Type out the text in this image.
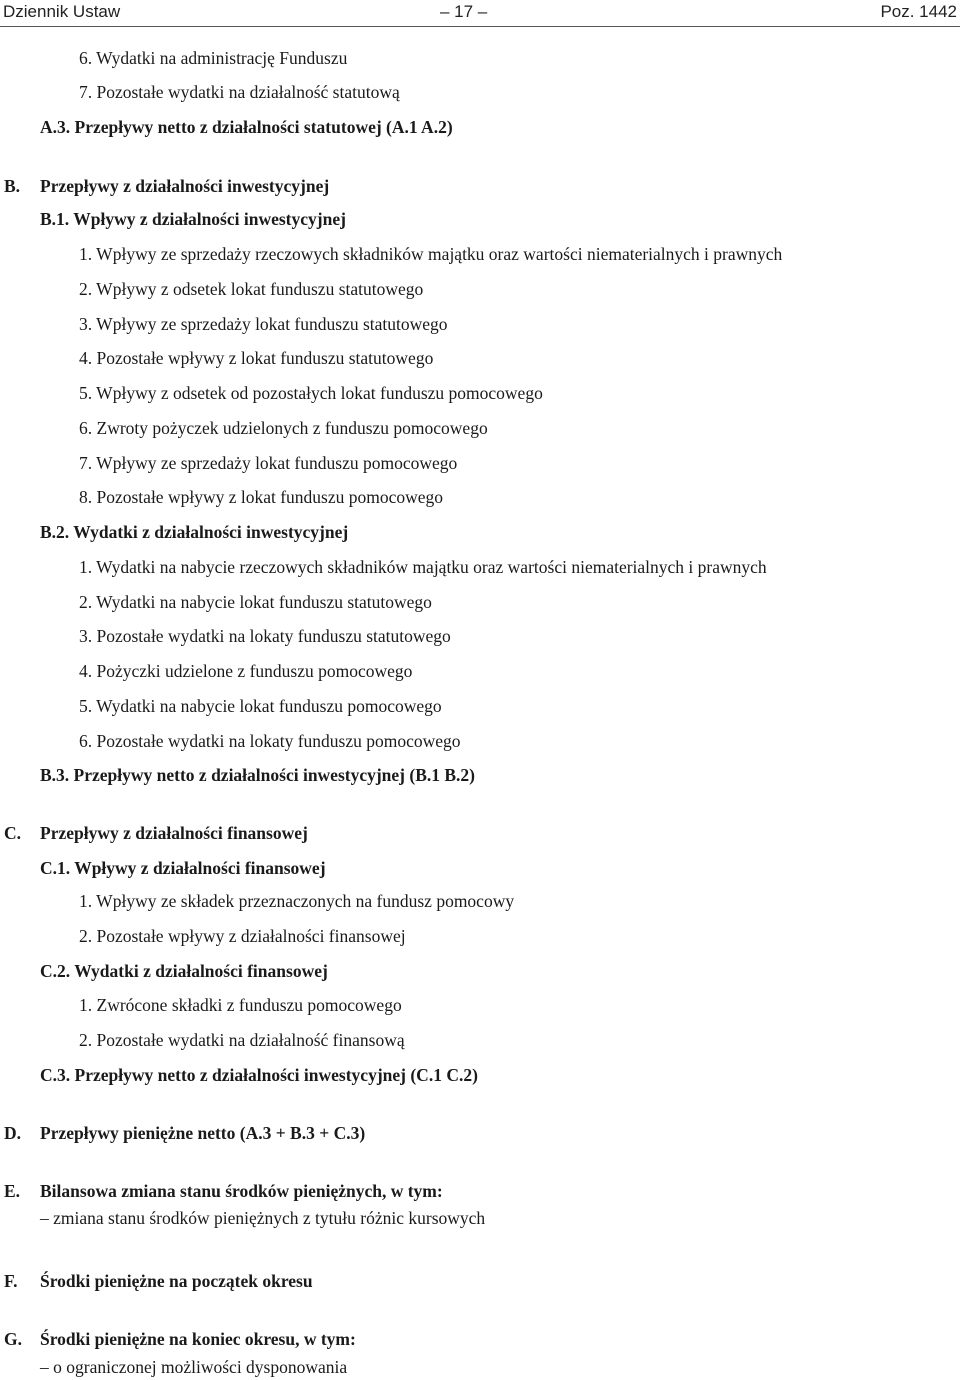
Dziennik Ustaw	– 17 –	Poz. 1442
6. Wydatki na administrację Funduszu
7. Pozostałe wydatki na działalność statutową
A.3. Przepływy netto z działalności statutowej (A.1 A.2)
B. Przepływy z działalności inwestycyjnej
B.1. Wpływy z działalności inwestycyjnej
1. Wpływy ze sprzedaży rzeczowych składników majątku oraz wartości niematerialnych i prawnych
2. Wpływy z odsetek lokat funduszu statutowego
3. Wpływy ze sprzedaży lokat funduszu statutowego
4. Pozostałe wpływy z lokat funduszu statutowego
5. Wpływy z odsetek od pozostałych lokat funduszu pomocowego
6. Zwroty pożyczek udzielonych z funduszu pomocowego
7. Wpływy ze sprzedaży lokat funduszu pomocowego
8. Pozostałe wpływy z lokat funduszu pomocowego
B.2. Wydatki z działalności inwestycyjnej
1. Wydatki na nabycie rzeczowych składników majątku oraz wartości niematerialnych i prawnych
2. Wydatki na nabycie lokat funduszu statutowego
3. Pozostałe wydatki na lokaty funduszu statutowego
4. Pożyczki udzielone z funduszu pomocowego
5. Wydatki na nabycie lokat funduszu pomocowego
6. Pozostałe wydatki na lokaty funduszu pomocowego
B.3. Przepływy netto z działalności inwestycyjnej (B.1 B.2)
C. Przepływy z działalności finansowej
C.1. Wpływy z działalności finansowej
1. Wpływy ze składek przeznaczonych na fundusz pomocowy
2. Pozostałe wpływy z działalności finansowej
C.2. Wydatki z działalności finansowej
1. Zwrócone składki z funduszu pomocowego
2. Pozostałe wydatki na działalność finansową
C.3. Przepływy netto z działalności inwestycyjnej (C.1 C.2)
D. Przepływy pieniężne netto (A.3 + B.3 + C.3)
E. Bilansowa zmiana stanu środków pieniężnych, w tym:
– zmiana stanu środków pieniężnych z tytułu różnic kursowych
F. Środki pieniężne na początek okresu
G. Środki pieniężne na koniec okresu, w tym:
– o ograniczonej możliwości dysponowania
